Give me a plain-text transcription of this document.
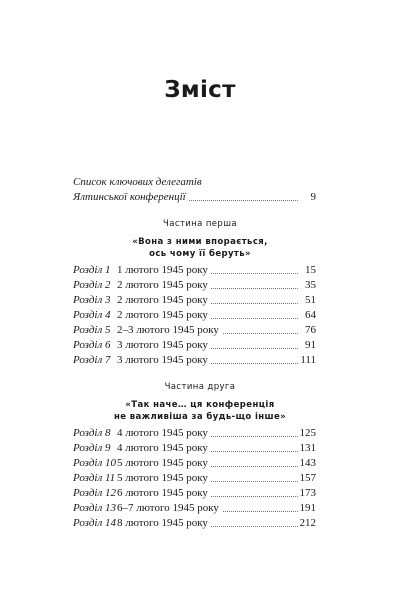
Зміст
Список ключових делегатів
Ялтинської конференції	9
Частина перша
«Вона з ними впорається,
ось чому її беруть»
Розділ 1 1 лютого 1945 року	15
Розділ 2 2 лютого 1945 року	35
Розділ 3 2 лютого 1945 року	51
Розділ 4 2 лютого 1945 року	64
Розділ 5 2–3 лютого 1945 року	76
Розділ 6 3 лютого 1945 року	91
Розділ 7 3 лютого 1945 року	111
Частина друга
«Так наче… ця конференція
не важливіша за будь-що інше»
Розділ 8 4 лютого 1945 року	125
Розділ 9 4 лютого 1945 року	131
Розділ 10 5 лютого 1945 року	143
Розділ 11 5 лютого 1945 року	157
Розділ 12 6 лютого 1945 року	173
Розділ 13 6–7 лютого 1945 року	191
Розділ 14 8 лютого 1945 року	212
